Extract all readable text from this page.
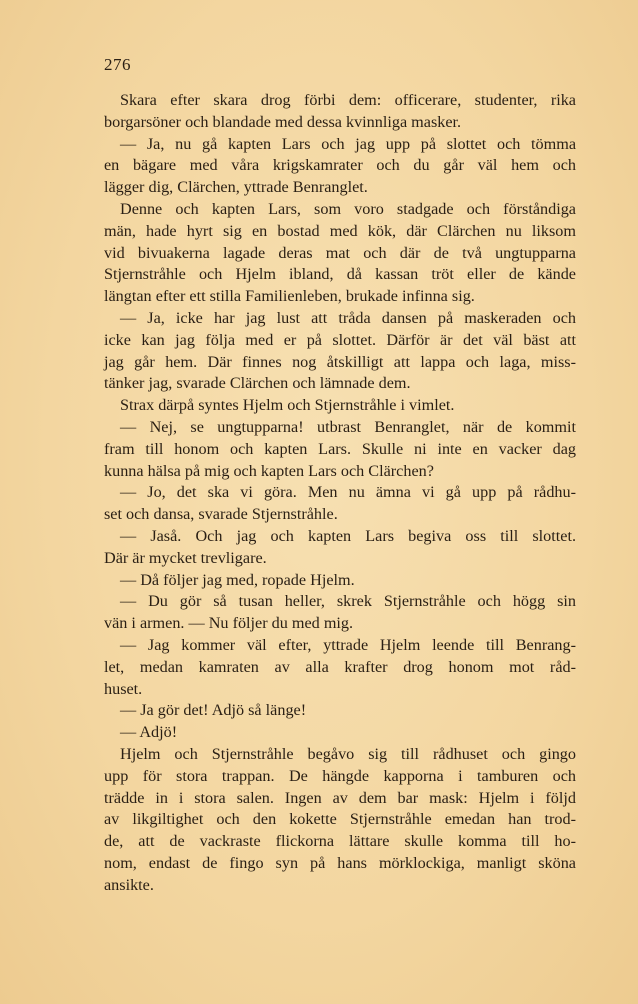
276
Skara efter skara drog förbi dem: officerare, studenter, rika
borgarsöner och blandade med dessa kvinnliga masker.
— Ja, nu gå kapten Lars och jag upp på slottet och tömma
en bägare med våra krigskamrater och du går väl hem och
lägger dig, Clärchen, yttrade Benranglet.
Denne och kapten Lars, som voro stadgade och förståndiga
män, hade hyrt sig en bostad med kök, där Clärchen nu liksom
vid bivuakerna lagade deras mat och där de två ungtupparna
Stjernstråhle och Hjelm ibland, då kassan tröt eller de kände
längtan efter ett stilla Familienleben, brukade infinna sig.
— Ja, icke har jag lust att tråda dansen på maskeraden och
icke kan jag följa med er på slottet. Därför är det väl bäst att
jag går hem. Där finnes nog åtskilligt att lappa och laga, miss-
tänker jag, svarade Clärchen och lämnade dem.
Strax därpå syntes Hjelm och Stjernstråhle i vimlet.
— Nej, se ungtupparna! utbrast Benranglet, när de kommit
fram till honom och kapten Lars. Skulle ni inte en vacker dag
kunna hälsa på mig och kapten Lars och Clärchen?
— Jo, det ska vi göra. Men nu ämna vi gå upp på rådhu-
set och dansa, svarade Stjernstråhle.
— Jaså. Och jag och kapten Lars begiva oss till slottet.
Där är mycket trevligare.
— Då följer jag med, ropade Hjelm.
— Du gör så tusan heller, skrek Stjernstråhle och högg sin
vän i armen. — Nu följer du med mig.
— Jag kommer väl efter, yttrade Hjelm leende till Benrang-
let, medan kamraten av alla krafter drog honom mot råd-
huset.
— Ja gör det! Adjö så länge!
— Adjö!
Hjelm och Stjernstråhle begåvo sig till rådhuset och gingo
upp för stora trappan. De hängde kapporna i tamburen och
trädde in i stora salen. Ingen av dem bar mask: Hjelm i följd
av likgiltighet och den kokette Stjernstråhle emedan han trod-
de, att de vackraste flickorna lättare skulle komma till ho-
nom, endast de fingo syn på hans mörklockiga, manligt sköna
ansikte.
